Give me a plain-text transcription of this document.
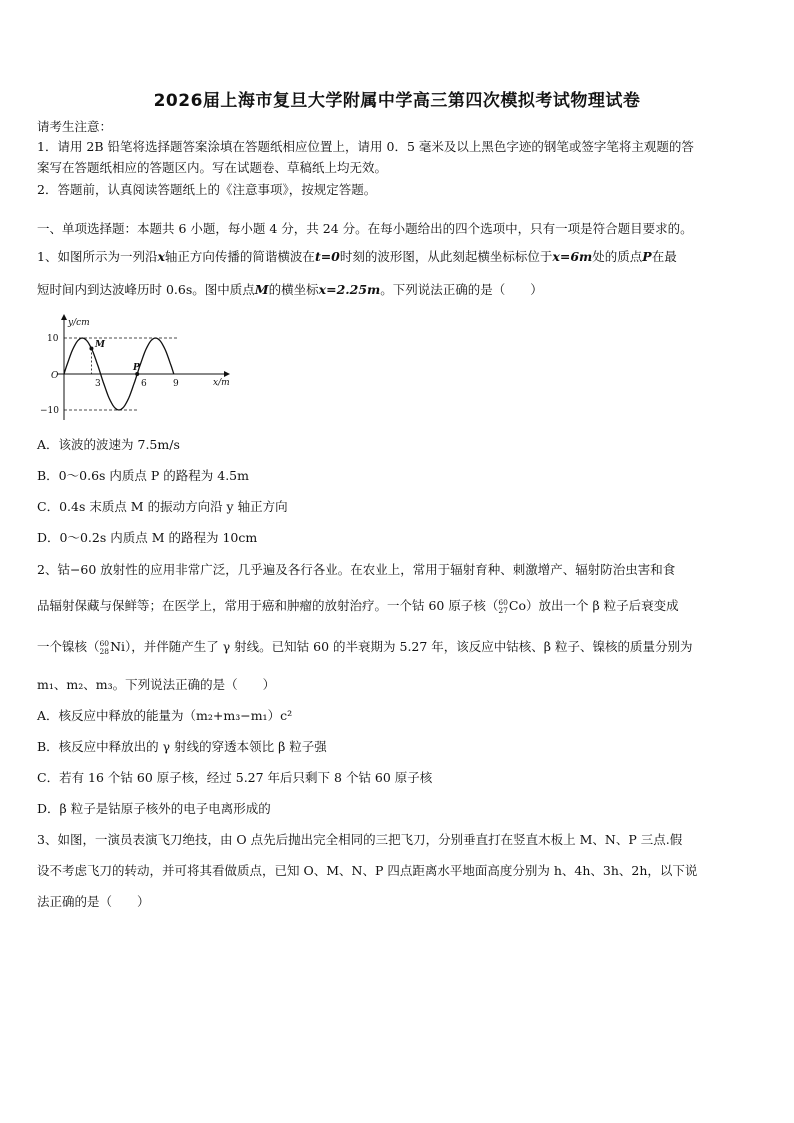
2026届上海市复旦大学附属中学高三第四次模拟考试物理试卷
请考生注意：
1．请用 2B 铅笔将选择题答案涂填在答题纸相应位置上，请用 0．5 毫米及以上黑色字迹的钢笔或签字笔将主观题的答
案写在答题纸相应的答题区内。写在试题卷、草稿纸上均无效。
2．答题前，认真阅读答题纸上的《注意事项》，按规定答题。
一、单项选择题：本题共 6 小题，每小题 4 分，共 24 分。在每小题给出的四个选项中，只有一项是符合题目要求的。
1、如图所示为一列沿x轴正方向传播的简谐横波在t=0时刻的波形图，从此刻起横坐标标位于x=6m处的质点P在最
短时间内到达波峰历时 0.6s。图中质点M的横坐标x=2.25m。下列说法正确的是（　　）
y/cm
x/m
10
O
−10
3	6	9
M
P
A．该波的波速为 7.5m/s
B．0～0.6s 内质点 P 的路程为 4.5m
C．0.4s 末质点 M 的振动方向沿 y 轴正方向
D．0～0.2s 内质点 M 的路程为 10cm
2、钴−60 放射性的应用非常广泛，几乎遍及各行各业。在农业上，常用于辐射育种、刺激增产、辐射防治虫害和食
品辐射保藏与保鲜等；在医学上，常用于癌和肿瘤的放射治疗。一个钴 60 原子核（60
27Co）放出一个 β 粒子后衰变成
一个镍核（60
28Ni），并伴随产生了 γ 射线。已知钴 60 的半衰期为 5.27 年，该反应中钴核、β 粒子、镍核的质量分别为
m₁、m₂、m₃。下列说法正确的是（　　）
A．核反应中释放的能量为（m₂+m₃−m₁）c²
B．核反应中释放出的 γ 射线的穿透本领比 β 粒子强
C．若有 16 个钴 60 原子核，经过 5.27 年后只剩下 8 个钴 60 原子核
D．β 粒子是钴原子核外的电子电离形成的
3、如图，一演员表演飞刀绝技，由 O 点先后抛出完全相同的三把飞刀，分别垂直打在竖直木板上 M、N、P 三点.假
设不考虑飞刀的转动，并可将其看做质点，已知 O、M、N、P 四点距离水平地面高度分别为 h、4h、3h、2h，以下说
法正确的是（　　）
